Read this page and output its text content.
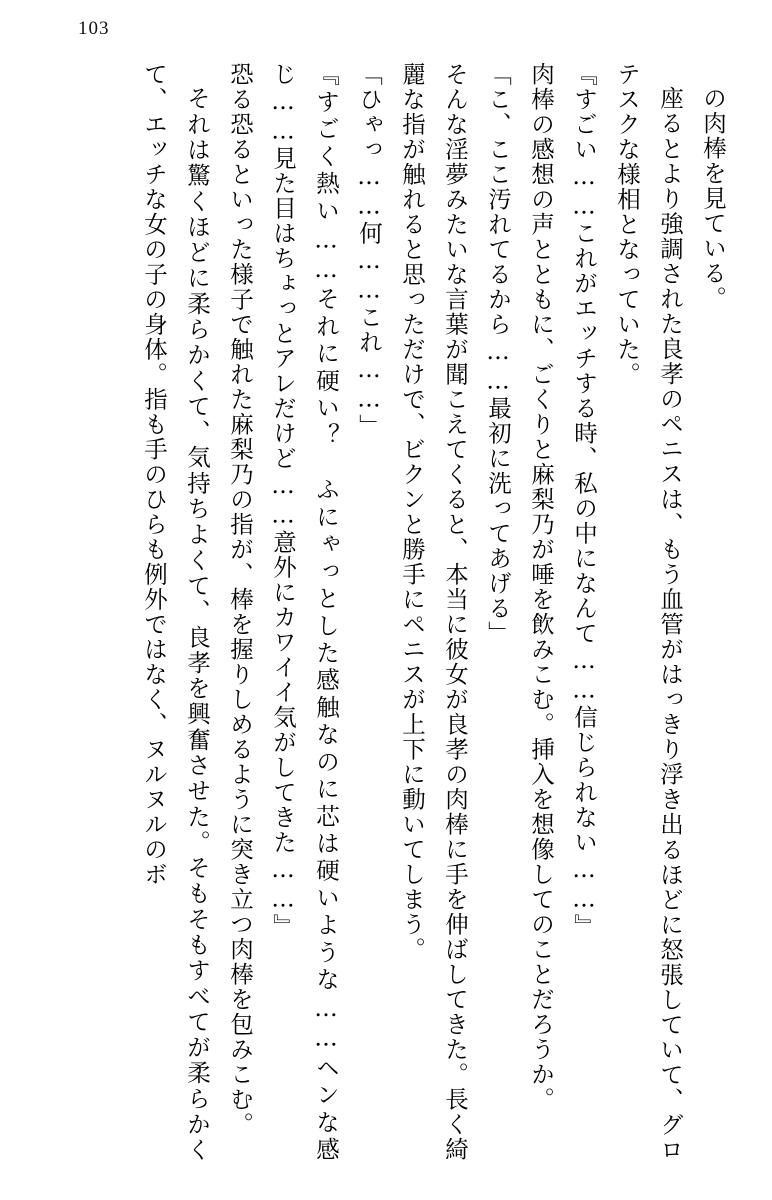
103

の肉棒を見ている。

座るとより強調された良孝のペニスは、もう血管がはっきり浮き出るほどに怒張していて、グロテスクな様相となっていた。

『すごい……これがエッチする時、私の中になんて……信じられない……』

肉棒の感想の声とともに、ごくりと麻梨乃が唾を飲みこむ。挿入を想像してのことだろうか。

「こ、ここ汚れてるから……最初に洗ってあげる」

そんな淫夢みたいな言葉が聞こえてくると、本当に彼女が良孝の肉棒に手を伸ばしてきた。長く綺麗な指が触れると思っただけで、ビクンと勝手にペニスが上下に動いてしまう。

「ひゃっ……何……これ……」

『すごく熱い……それに硬い？　ふにゃっとした感触なのに芯は硬いような……ヘンな感じ……見た目はちょっとアレだけど……意外にカワイイ気がしてきた……』

恐る恐るといった様子で触れた麻梨乃の指が、棒を握りしめるように突き立つ肉棒を包みこむ。

それは驚くほどに柔らかくて、気持ちよくて、良孝を興奮させた。そもそもすべてが柔らかくて、エッチな女の子の身体。指も手のひらも例外ではなく、ヌルヌルのボ
